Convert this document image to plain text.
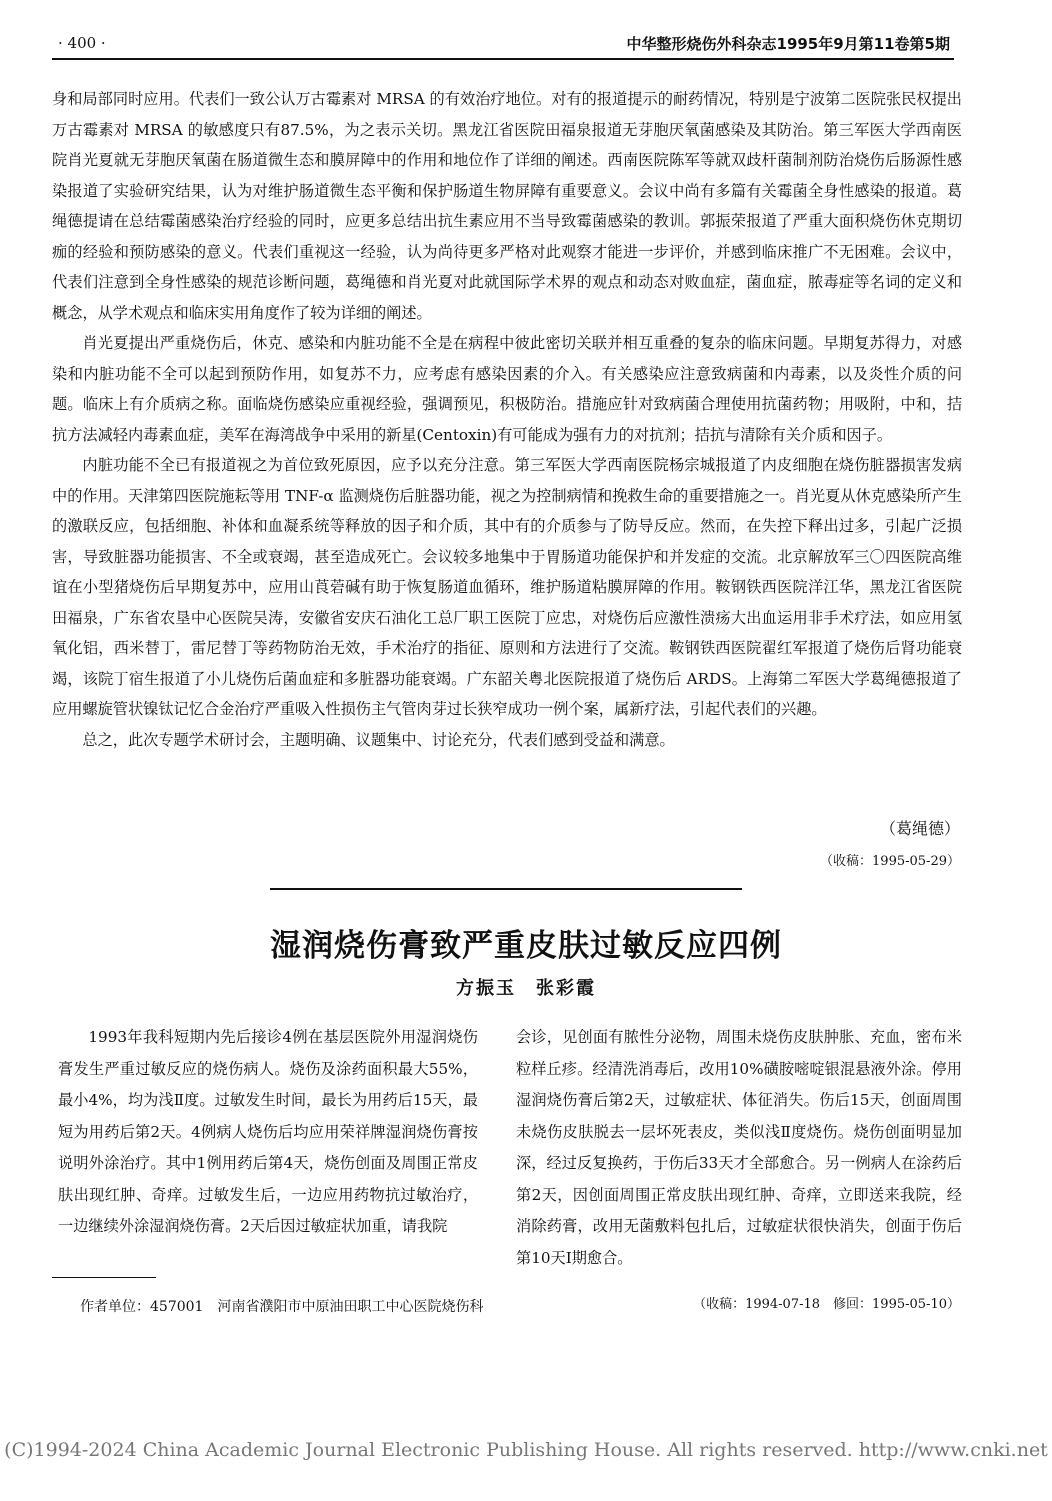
· 400 ·	中华整形烧伤外科杂志1995年9月第11卷第5期

身和局部同时应用。代表们一致公认万古霉素对 MRSA 的有效治疗地位。对有的报道提示的耐药情况，特别是宁波第二医院张民权提出万古霉素对 MRSA 的敏感度只有87.5%，为之表示关切。黑龙江省医院田福泉报道无芽胞厌氧菌感染及其防治。第三军医大学西南医院肖光夏就无芽胞厌氧菌在肠道微生态和膜屏障中的作用和地位作了详细的阐述。西南医院陈军等就双歧杆菌制剂防治烧伤后肠源性感染报道了实验研究结果，认为对维护肠道微生态平衡和保护肠道生物屏障有重要意义。会议中尚有多篇有关霉菌全身性感染的报道。葛绳德提请在总结霉菌感染治疗经验的同时，应更多总结出抗生素应用不当导致霉菌感染的教训。郭振荣报道了严重大面积烧伤休克期切痂的经验和预防感染的意义。代表们重视这一经验，认为尚待更多严格对此观察才能进一步评价，并感到临床推广不无困难。会议中，代表们注意到全身性感染的规范诊断问题，葛绳德和肖光夏对此就国际学术界的观点和动态对败血症，菌血症，脓毒症等名词的定义和概念，从学术观点和临床实用角度作了较为详细的阐述。

肖光夏提出严重烧伤后，休克、感染和内脏功能不全是在病程中彼此密切关联并相互重叠的复杂的临床问题。早期复苏得力，对感染和内脏功能不全可以起到预防作用，如复苏不力，应考虑有感染因素的介入。有关感染应注意致病菌和内毒素，以及炎性介质的问题。临床上有介质病之称。面临烧伤感染应重视经验，强调预见，积极防治。措施应针对致病菌合理使用抗菌药物；用吸附，中和，拮抗方法减轻内毒素血症，美军在海湾战争中采用的新星(Centoxin)有可能成为强有力的对抗剂；拮抗与清除有关介质和因子。

内脏功能不全已有报道视之为首位致死原因，应予以充分注意。第三军医大学西南医院杨宗城报道了内皮细胞在烧伤脏器损害发病中的作用。天津第四医院施耘等用 TNF-α 监测烧伤后脏器功能，视之为控制病情和挽救生命的重要措施之一。肖光夏从休克感染所产生的激联反应，包括细胞、补体和血凝系统等释放的因子和介质，其中有的介质参与了防导反应。然而，在失控下释出过多，引起广泛损害，导致脏器功能损害、不全或衰竭，甚至造成死亡。会议较多地集中于胃肠道功能保护和并发症的交流。北京解放军三〇四医院高维谊在小型猪烧伤后早期复苏中，应用山莨菪碱有助于恢复肠道血循环，维护肠道粘膜屏障的作用。鞍钢铁西医院洋江华，黑龙江省医院田福泉，广东省农垦中心医院吴涛，安徽省安庆石油化工总厂职工医院丁应忠，对烧伤后应激性溃疡大出血运用非手术疗法，如应用氢氧化铝，西米替丁，雷尼替丁等药物防治无效，手术治疗的指征、原则和方法进行了交流。鞍钢铁西医院翟红军报道了烧伤后肾功能衰竭，该院丁宿生报道了小儿烧伤后菌血症和多脏器功能衰竭。广东韶关粤北医院报道了烧伤后 ARDS。上海第二军医大学葛绳德报道了应用螺旋管状镍钛记忆合金治疗严重吸入性损伤主气管肉芽过长狭窄成功一例个案，属新疗法，引起代表们的兴趣。

总之，此次专题学术研讨会，主题明确、议题集中、讨论充分，代表们感到受益和满意。

（葛绳德）
（收稿：1995-05-29）
湿润烧伤膏致严重皮肤过敏反应四例
方振玉　张彩霞

1993年我科短期内先后接诊4例在基层医院外用湿润烧伤膏发生严重过敏反应的烧伤病人。烧伤及涂药面积最大55%，最小4%，均为浅Ⅱ度。过敏发生时间，最长为用药后15天，最短为用药后第2天。4例病人烧伤后均应用荣祥牌湿润烧伤膏按说明外涂治疗。其中1例用药后第4天，烧伤创面及周围正常皮肤出现红肿、奇痒。过敏发生后，一边应用药物抗过敏治疗，一边继续外涂湿润烧伤膏。2天后因过敏症状加重，请我院

会诊，见创面有脓性分泌物，周围未烧伤皮肤肿胀、充血，密布米粒样丘疹。经清洗消毒后，改用10%磺胺嘧啶银混悬液外涂。停用湿润烧伤膏后第2天，过敏症状、体征消失。伤后15天，创面周围未烧伤皮肤脱去一层坏死表皮，类似浅Ⅱ度烧伤。烧伤创面明显加深，经过反复换药，于伤后33天才全部愈合。另一例病人在涂药后第2天，因创面周围正常皮肤出现红肿、奇痒，立即送来我院，经消除药膏，改用无菌敷料包扎后，过敏症状很快消失，创面于伤后第10天Ⅰ期愈合。

作者单位：457001　河南省濮阳市中原油田职工中心医院烧伤科	（收稿：1994-07-18　修回：1995-05-10）
(C)1994-2024 China Academic Journal Electronic Publishing House. All rights reserved. http://www.cnki.net
